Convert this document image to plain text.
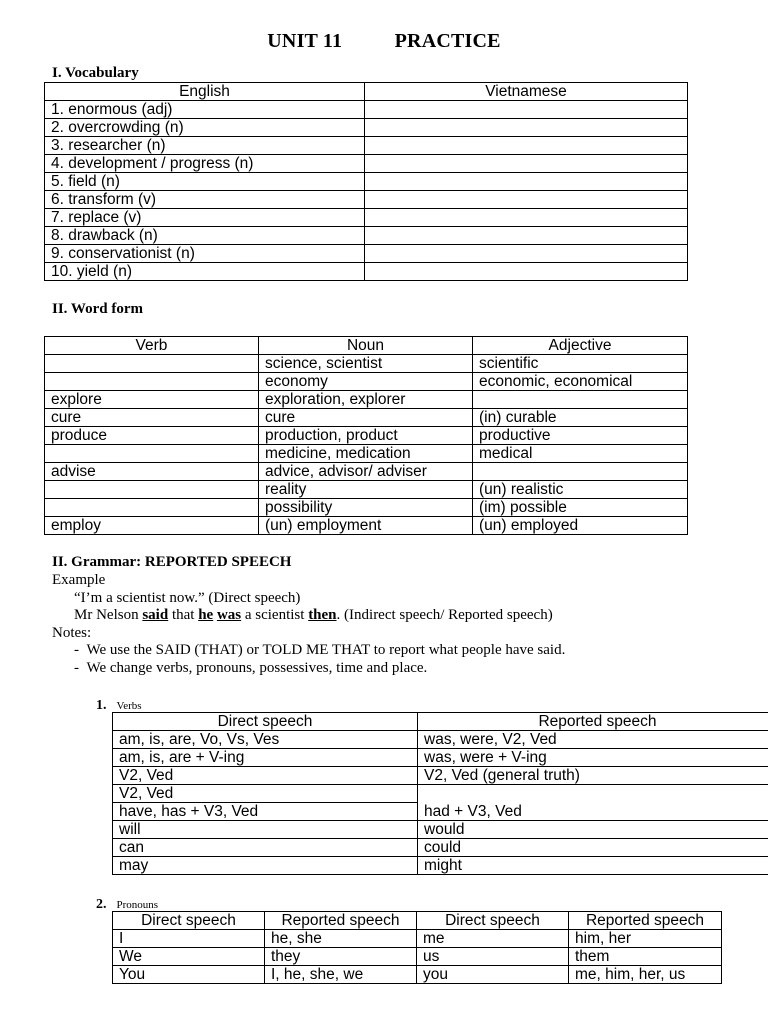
UNIT 11	PRACTICE
I. Vocabulary
English	Vietnamese
1. enormous (adj)	
2. overcrowding (n)	
3. researcher (n)	
4. development / progress (n)	
5. field (n)	
6. transform (v)	
7. replace (v)	
8. drawback (n)	
9. conservationist (n)	
10. yield (n)	
II. Word form
Verb	Noun	Adjective
	science, scientist	scientific
	economy	economic, economical
explore	exploration, explorer	
cure	cure	(in) curable
produce	production, product	productive
	medicine, medication	medical
advise	advice, advisor/ adviser	
	reality	(un) realistic
	possibility	(im) possible
employ	(un) employment	(un) employed
II. Grammar: REPORTED SPEECH
Example
“I’m a scientist now.” (Direct speech)
Mr Nelson said that he was a scientist then. (Indirect speech/ Reported speech)
Notes:
-  We use the SAID (THAT) or TOLD ME THAT to report what people have said.
-  We change verbs, pronouns, possessives, time and place.
1. Verbs
Direct speech	Reported speech
am, is, are, Vo, Vs, Ves	was, were, V2, Ved
am, is, are + V-ing	was, were + V-ing
V2, Ved	V2, Ved (general truth)
V2, Ved	had + V3, Ved
have, has + V3, Ved	
will	would
can	could
may	might
2. Pronouns
Direct speech	Reported speech	Direct speech	Reported speech
I	he, she	me	him, her
We	they	us	them
You	I, he, she, we	you	me, him, her, us
